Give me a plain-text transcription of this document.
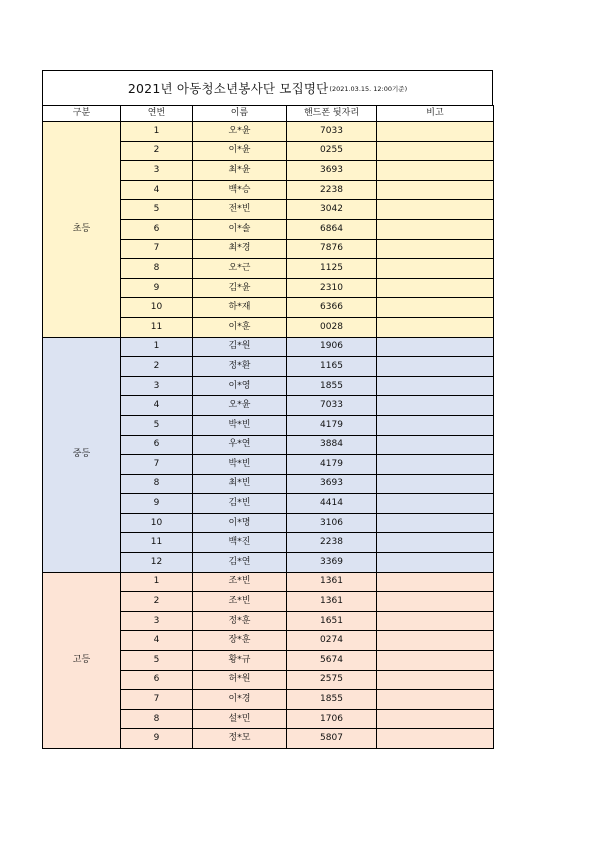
2021년 아동청소년봉사단 모집명단 (2021.03.15. 12:00기준)
구분	연번	이름	핸드폰 뒷자리	비고
초등	1	오*윤	7033	
	2	이*윤	0255	
	3	최*윤	3693	
	4	백*승	2238	
	5	전*빈	3042	
	6	이*솔	6864	
	7	최*경	7876	
	8	오*근	1125	
	9	김*윤	2310	
	10	하*재	6366	
	11	이*훈	0028	
중등	1	김*원	1906	
	2	정*환	1165	
	3	이*영	1855	
	4	오*윤	7033	
	5	박*빈	4179	
	6	우*연	3884	
	7	박*빈	4179	
	8	최*빈	3693	
	9	김*빈	4414	
	10	이*명	3106	
	11	백*진	2238	
	12	김*연	3369	
고등	1	조*빈	1361	
	2	조*빈	1361	
	3	정*훈	1651	
	4	장*훈	0274	
	5	황*규	5674	
	6	허*원	2575	
	7	이*경	1855	
	8	설*민	1706	
	9	정*모	5807	
